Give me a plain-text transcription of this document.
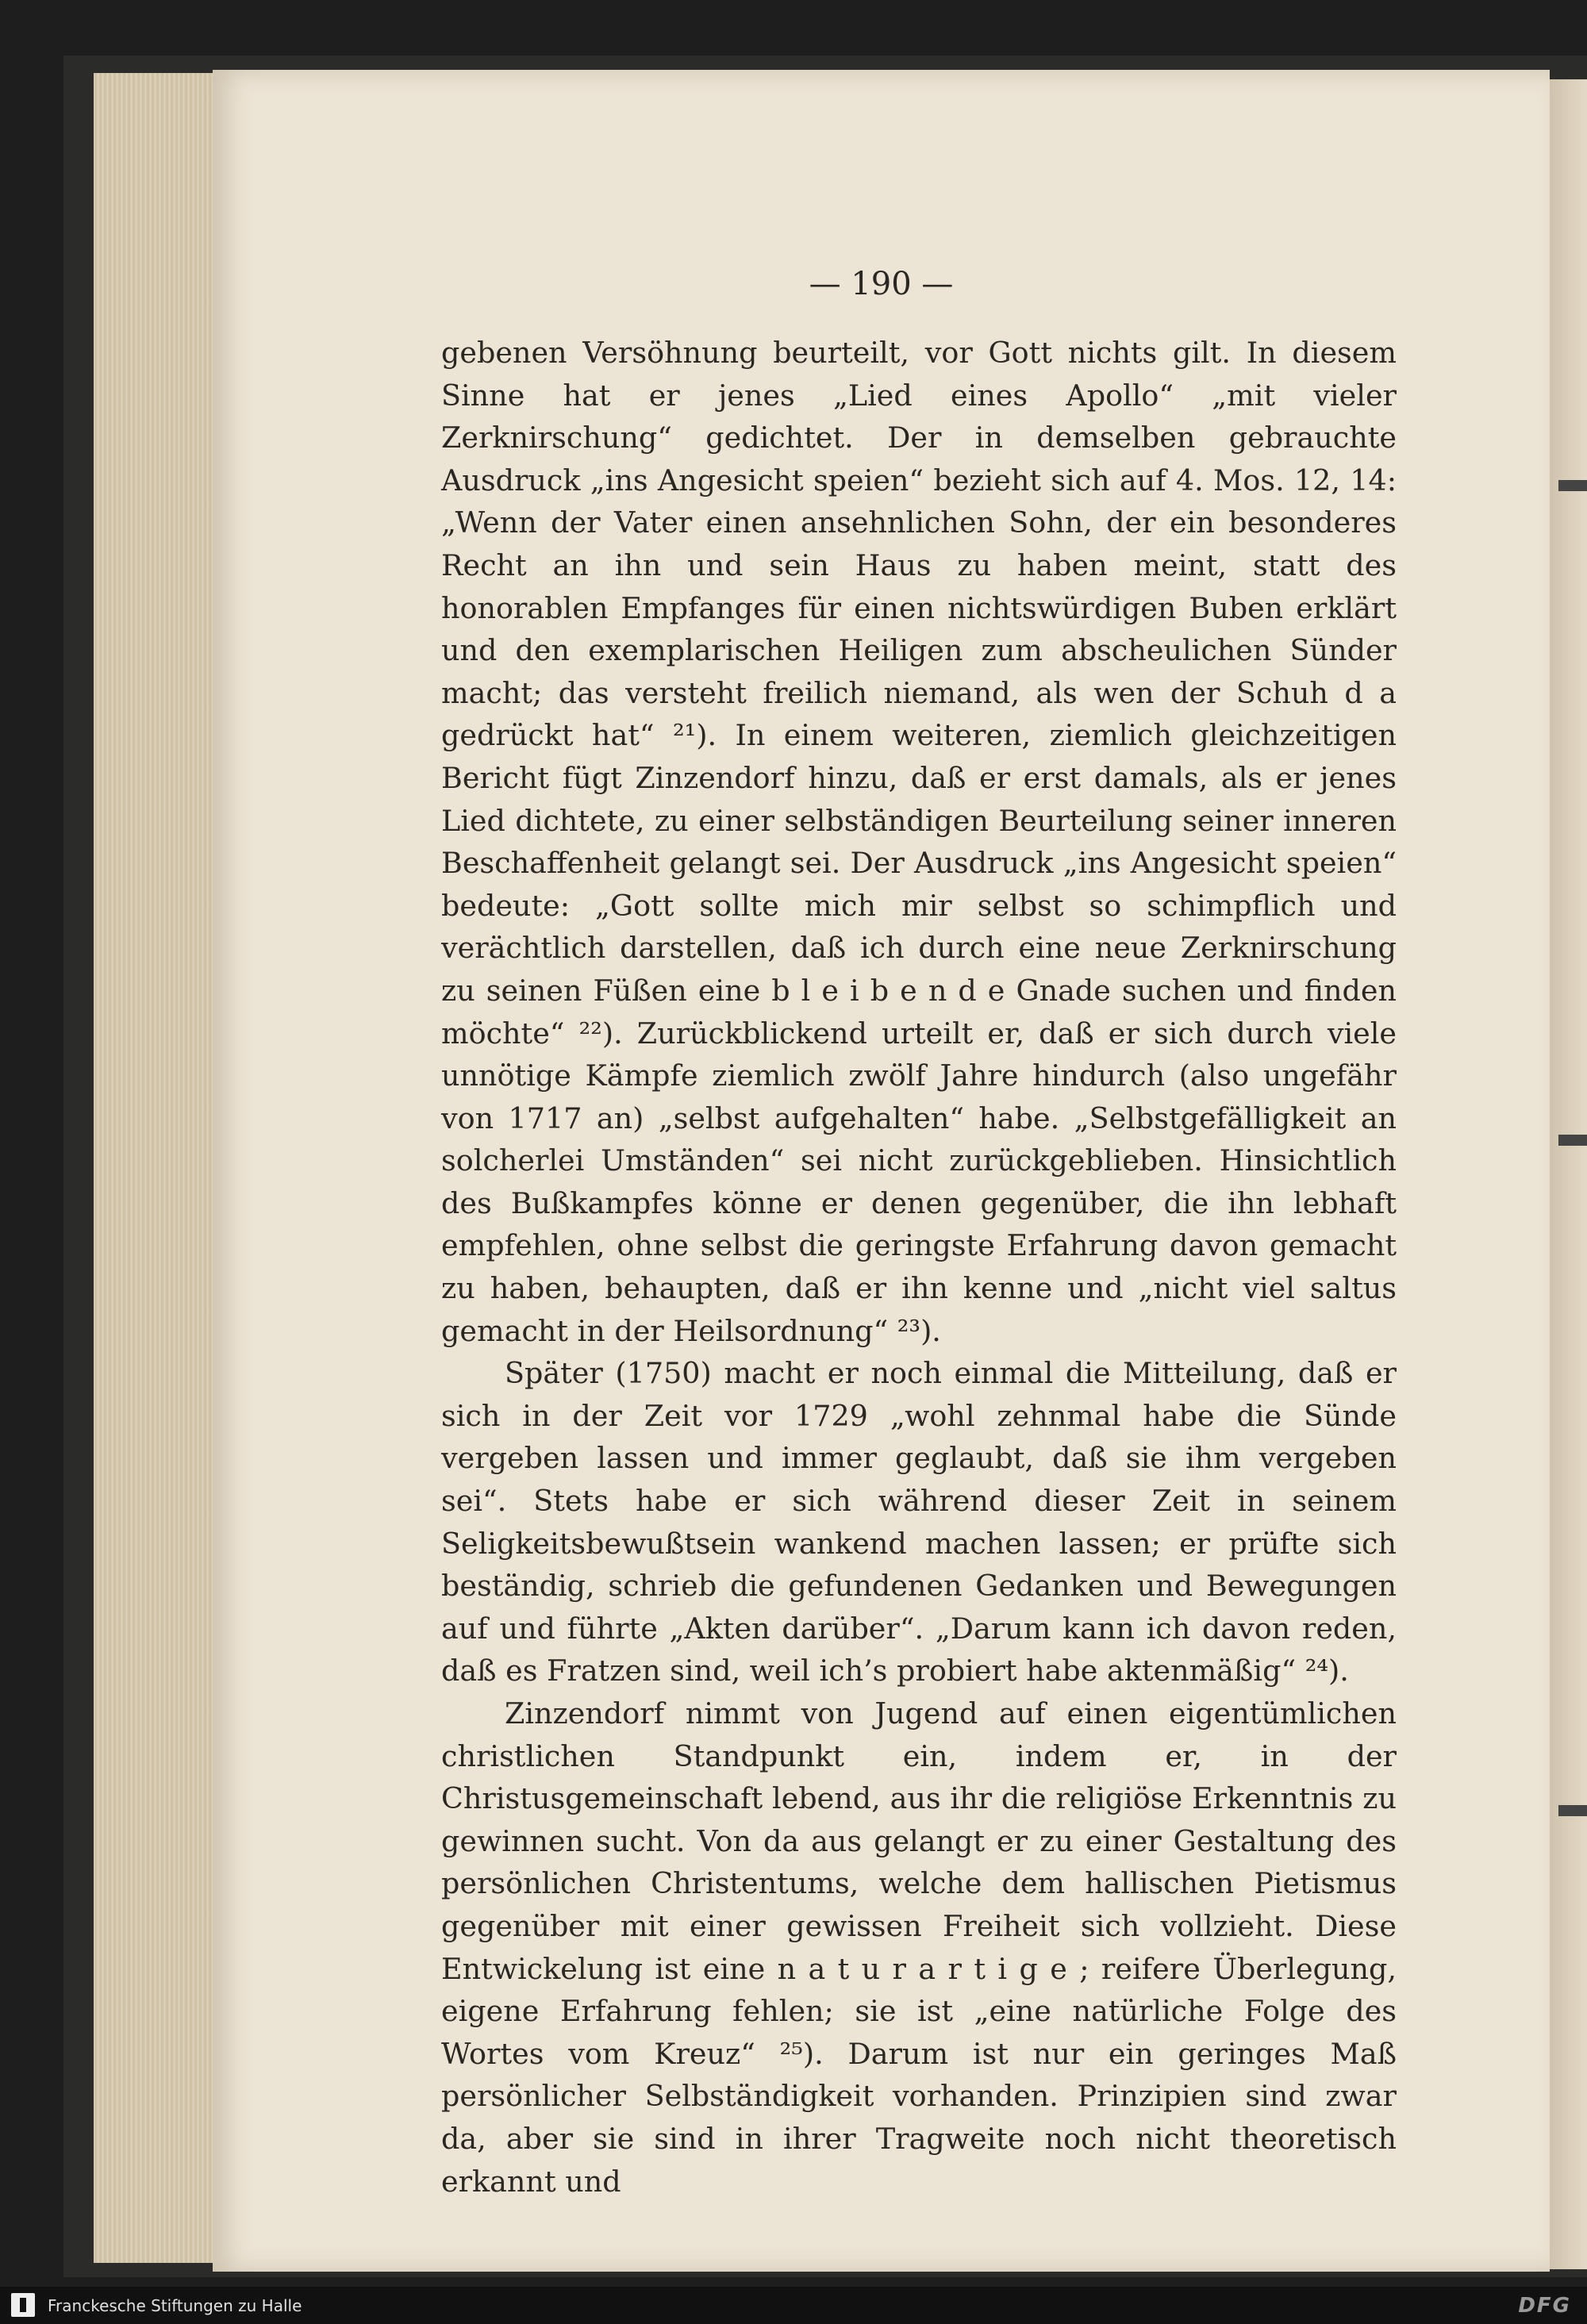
— 190 —

gebenen Versöhnung beurteilt, vor Gott nichts gilt. In diesem Sinne hat er jenes „Lied eines Apollo“ „mit vieler Zerknirschung“ gedichtet. Der in demselben gebrauchte Ausdruck „ins Angesicht speien“ bezieht sich auf 4. Mos. 12, 14: „Wenn der Vater einen ansehnlichen Sohn, der ein besonderes Recht an ihn und sein Haus zu haben meint, statt des honorablen Empfanges für einen nichtswürdigen Buben erklärt und den exemplarischen Heiligen zum abscheulichen Sünder macht; das versteht freilich niemand, als wen der Schuh d a gedrückt hat“ ²¹). In einem weiteren, ziemlich gleichzeitigen Bericht fügt Zinzendorf hinzu, daß er erst damals, als er jenes Lied dichtete, zu einer selbständigen Beurteilung seiner inneren Beschaffenheit gelangt sei. Der Ausdruck „ins Angesicht speien“ bedeute: „Gott sollte mich mir selbst so schimpflich und verächtlich darstellen, daß ich durch eine neue Zerknirschung zu seinen Füßen eine b l e i b e n d e Gnade suchen und finden möchte“ ²²). Zurückblickend urteilt er, daß er sich durch viele unnötige Kämpfe ziemlich zwölf Jahre hindurch (also ungefähr von 1717 an) „selbst aufgehalten“ habe. „Selbstgefälligkeit an solcherlei Umständen“ sei nicht zurückgeblieben. Hinsichtlich des Bußkampfes könne er denen gegenüber, die ihn lebhaft empfehlen, ohne selbst die geringste Erfahrung davon gemacht zu haben, behaupten, daß er ihn kenne und „nicht viel saltus gemacht in der Heilsordnung“ ²³).

Später (1750) macht er noch einmal die Mitteilung, daß er sich in der Zeit vor 1729 „wohl zehnmal habe die Sünde vergeben lassen und immer geglaubt, daß sie ihm vergeben sei“. Stets habe er sich während dieser Zeit in seinem Seligkeitsbewußtsein wankend machen lassen; er prüfte sich beständig, schrieb die gefundenen Gedanken und Bewegungen auf und führte „Akten darüber“. „Darum kann ich davon reden, daß es Fratzen sind, weil ich’s probiert habe aktenmäßig“ ²⁴).

Zinzendorf nimmt von Jugend auf einen eigentümlichen christlichen Standpunkt ein, indem er, in der Christusgemeinschaft lebend, aus ihr die religiöse Erkenntnis zu gewinnen sucht. Von da aus gelangt er zu einer Gestaltung des persönlichen Christentums, welche dem hallischen Pietismus gegenüber mit einer gewissen Freiheit sich vollzieht. Diese Entwickelung ist eine n a t u r a r t i g e ; reifere Überlegung, eigene Erfahrung fehlen; sie ist „eine natürliche Folge des Wortes vom Kreuz“ ²⁵). Darum ist nur ein geringes Maß persönlicher Selbständigkeit vorhanden. Prinzipien sind zwar da, aber sie sind in ihrer Tragweite noch nicht theoretisch erkannt und

Franckesche Stiftungen zu Halle	DFG
